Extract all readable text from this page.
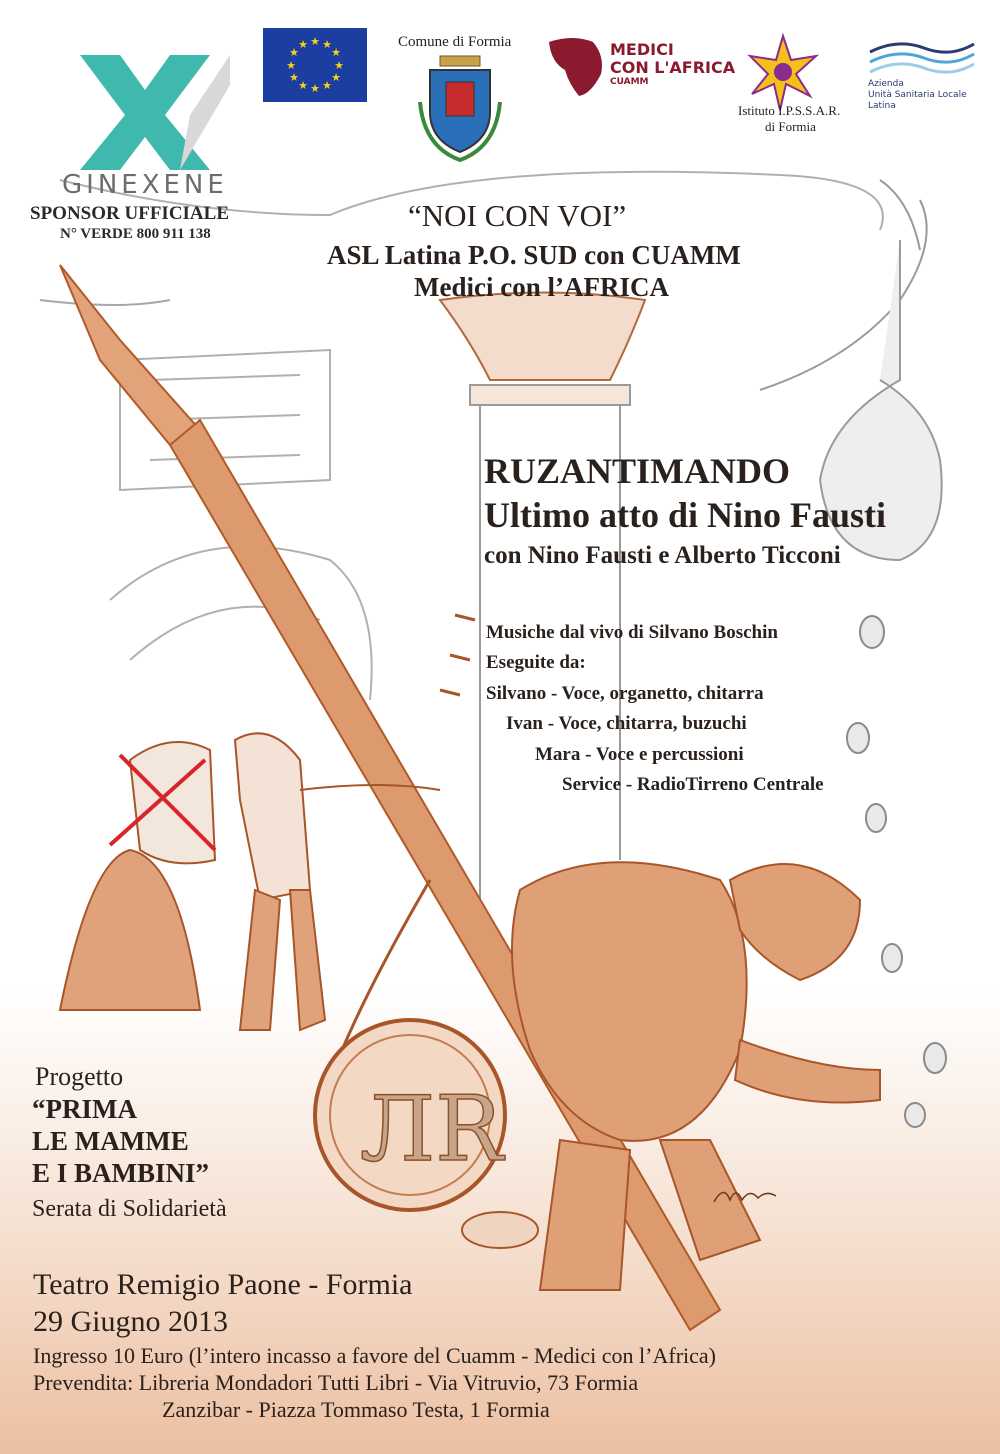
ЛR
GINEXENE
SPONSOR UFFICIALE
N° VERDE 800 911 138
★ ★
★
★
★
★
★
★
★
★
★
★	Comune di Formia	MEDICI
CON L'AFRICA
CUAMM
Istituto I.P.S.S.A.R.
di Formia
Azienda
Unità Sanitaria Locale
Latina
“NOI CON VOI”
ASL Latina P.O. SUD con CUAMM
Medici con l’AFRICA
RUZANTIMANDO
Ultimo atto di Nino Fausti
con Nino Fausti e Alberto Ticconi
Musiche dal vivo di Silvano Boschin
Eseguite da:
Silvano - Voce, organetto, chitarra
Ivan - Voce, chitarra, buzuchi
Mara - Voce e percussioni
Service - RadioTirreno Centrale
Progetto
“PRIMA
LE MAMME
E I BAMBINI”
Serata di Solidarietà
Teatro Remigio Paone - Formia
29 Giugno 2013
Ingresso 10 Euro (l’intero incasso a favore del Cuamm - Medici con l’Africa)
Prevendita: Libreria Mondadori Tutti Libri - Via Vitruvio, 73 Formia
Zanzibar - Piazza Tommaso Testa, 1 Formia
